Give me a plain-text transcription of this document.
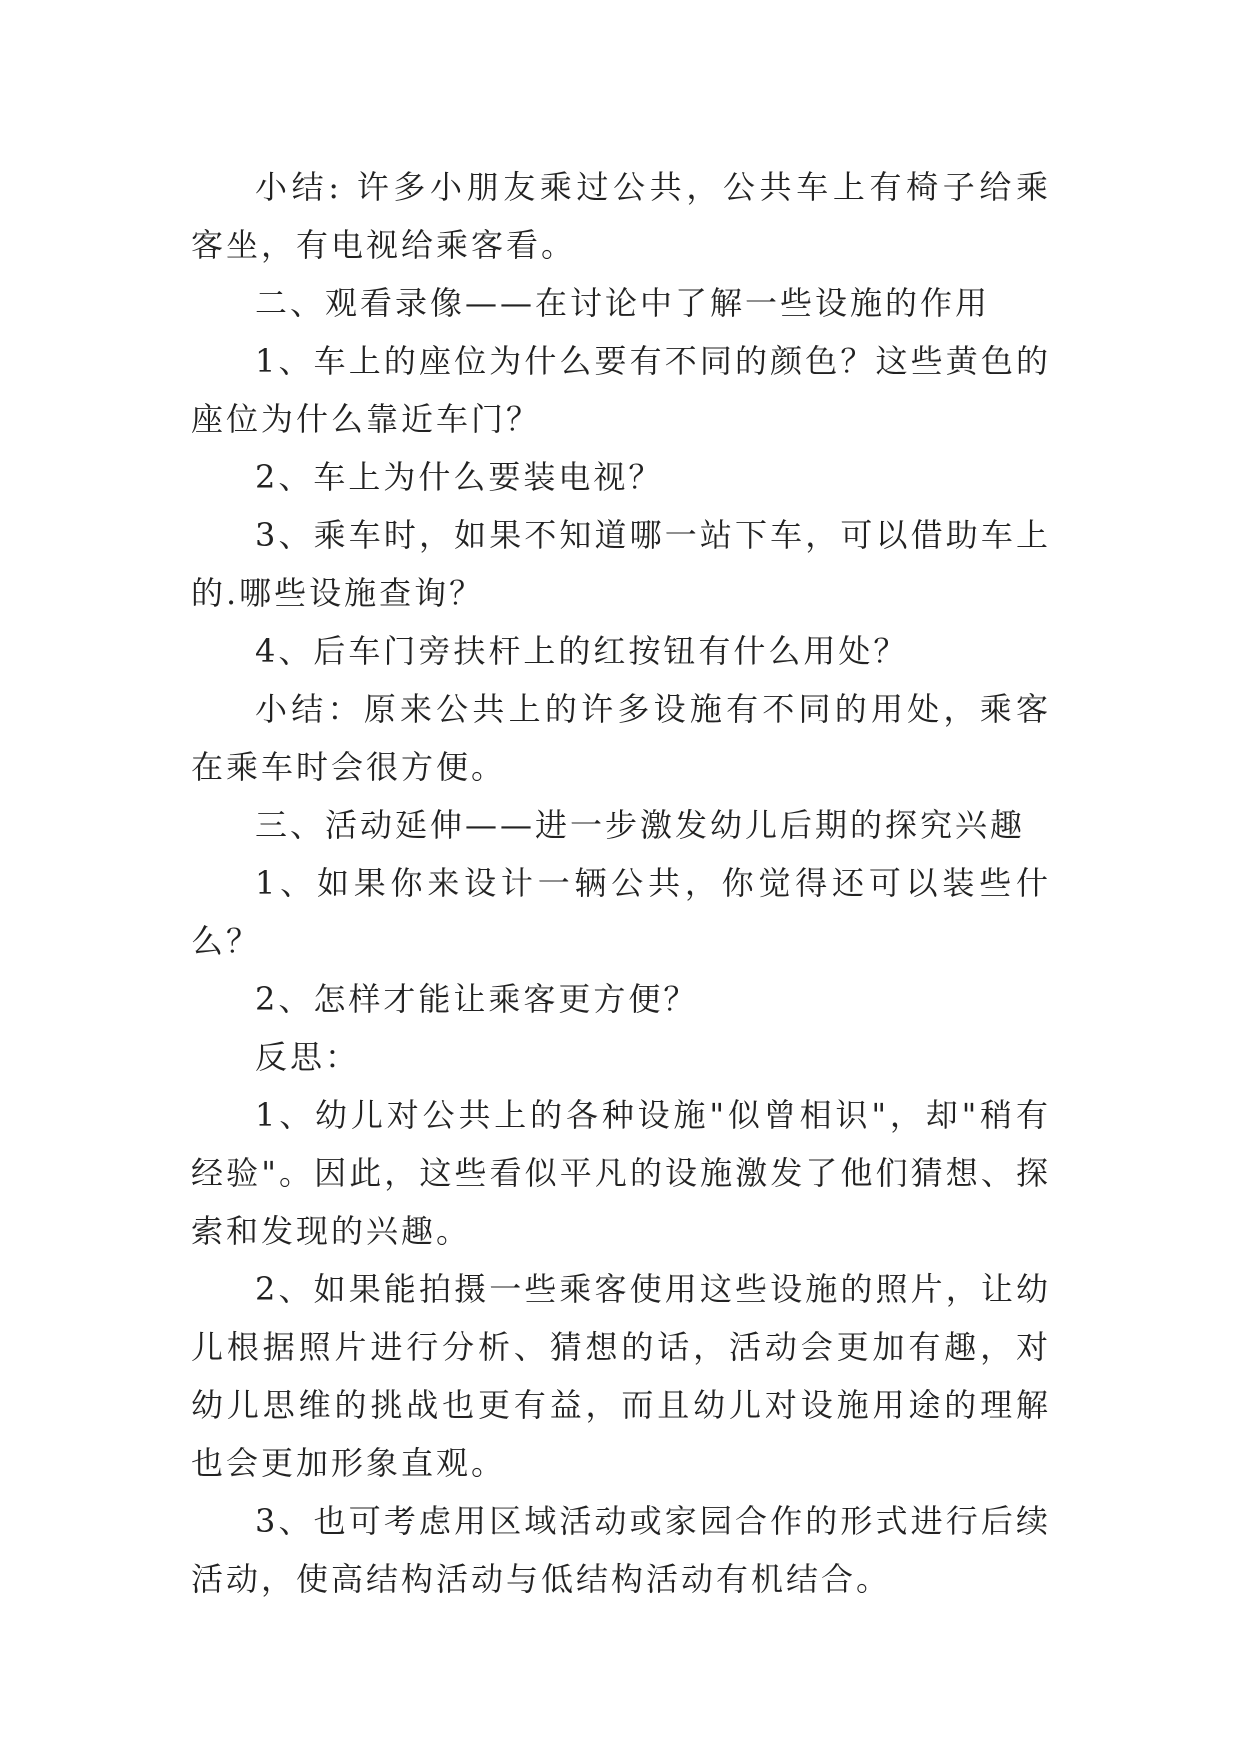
小结: 许多小朋友乘过公共，公共车上有椅子给乘客坐，有电视给乘客看。

二、观看录像——在讨论中了解一些设施的作用

1、车上的座位为什么要有不同的颜色？这些黄色的座位为什么靠近车门？

2、车上为什么要装电视？

3、乘车时，如果不知道哪一站下车，可以借助车上的.哪些设施查询？

4、后车门旁扶杆上的红按钮有什么用处？

小结：原来公共上的许多设施有不同的用处，乘客在乘车时会很方便。

三、活动延伸——进一步激发幼儿后期的探究兴趣

1、如果你来设计一辆公共，你觉得还可以装些什么？

2、怎样才能让乘客更方便？

反思：

1、幼儿对公共上的各种设施"似曾相识"，却"稍有经验"。因此，这些看似平凡的设施激发了他们猜想、探索和发现的兴趣。

2、如果能拍摄一些乘客使用这些设施的照片，让幼儿根据照片进行分析、猜想的话，活动会更加有趣，对幼儿思维的挑战也更有益，而且幼儿对设施用途的理解也会更加形象直观。

3、也可考虑用区域活动或家园合作的形式进行后续活动，使高结构活动与低结构活动有机结合。
